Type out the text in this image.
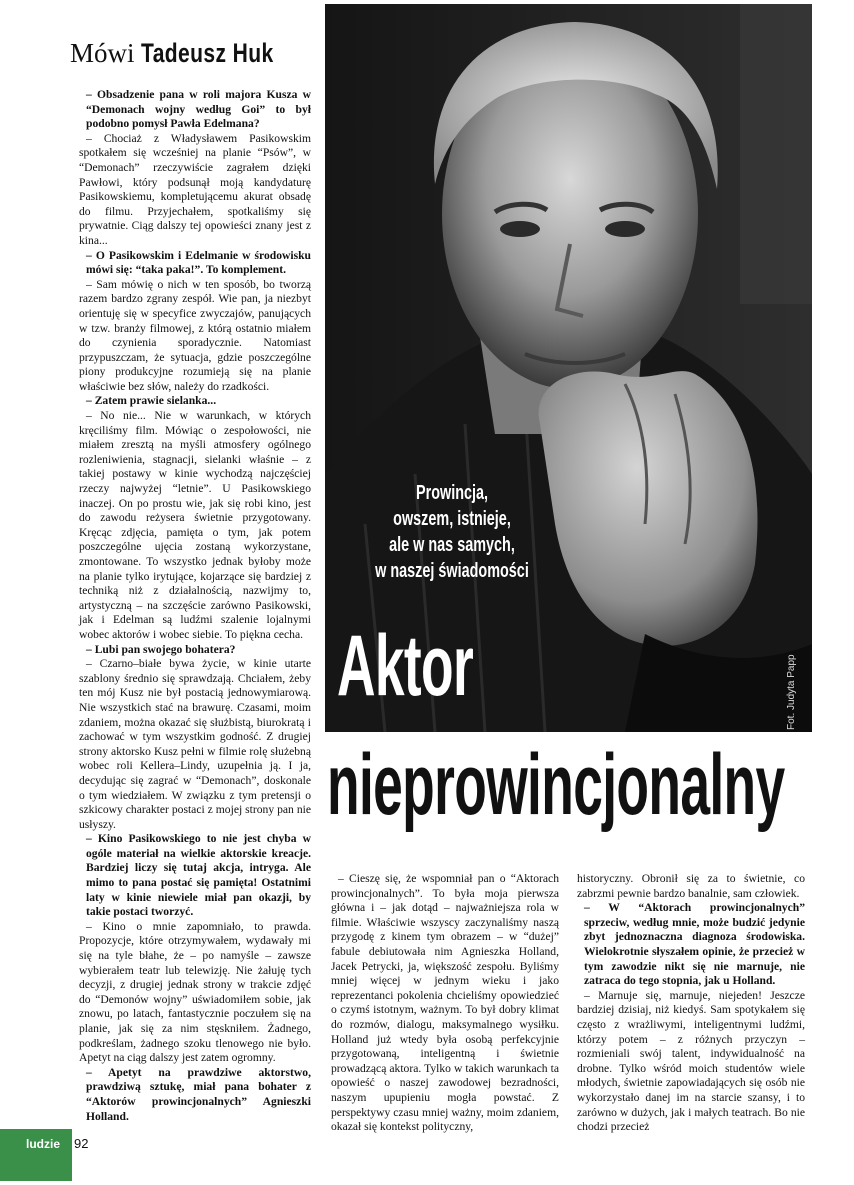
Mówi Tadeusz Huk

– Obsadzenie pana w roli majora Kusza w “Demonach wojny według Goi” to był podobno pomysł Pawła Edelmana?

– Chociaż z Władysławem Pasikowskim spotkałem się wcześniej na planie “Psów”, w “Demonach” rzeczywiście zagrałem dzięki Pawłowi, który podsunął moją kandydaturę Pasikowskiemu, kompletującemu akurat obsadę do filmu. Przyjechałem, spotkaliśmy się prywatnie. Ciąg dalszy tej opowieści znany jest z kina...

– O Pasikowskim i Edelmanie w środowisku mówi się: “taka paka!”. To komplement.

– Sam mówię o nich w ten sposób, bo tworzą razem bardzo zgrany zespół. Wie pan, ja niezbyt orientuję się w specyfice zwyczajów, panujących w tzw. branży filmowej, z którą ostatnio miałem do czynienia sporadycznie. Natomiast przypuszczam, że sytuacja, gdzie poszczególne piony produkcyjne rozumieją się na planie właściwie bez słów, należy do rzadkości.

– Zatem prawie sielanka...

– No nie... Nie w warunkach, w których kręciliśmy film. Mówiąc o zespołowości, nie miałem zresztą na myśli atmosfery ogólnego rozleniwienia, stagnacji, sielanki właśnie – z takiej postawy w kinie wychodzą najczęściej rzeczy najwyżej “letnie”. U Pasikowskiego inaczej. On po prostu wie, jak się robi kino, jest do zawodu reżysera świetnie przygotowany. Kręcąc zdjęcia, pamięta o tym, jak potem poszczególne ujęcia zostaną wykorzystane, zmontowane. To wszystko jednak byłoby może na planie tylko irytujące, kojarzące się bardziej z techniką niż z działalnością, nazwijmy to, artystyczną – na szczęście zarówno Pasikowski, jak i Edelman są ludźmi szalenie lojalnymi wobec aktorów i wobec siebie. To piękna cecha.

– Lubi pan swojego bohatera?

– Czarno–białe bywa życie, w kinie utarte szablony średnio się sprawdzają. Chciałem, żeby ten mój Kusz nie był postacią jednowymiarową. Nie wszystkich stać na brawurę. Czasami, moim zdaniem, można okazać się służbistą, biurokratą i zachować w tym wszystkim godność. Z drugiej strony aktorsko Kusz pełni w filmie rolę służebną wobec roli Kellera–Lindy, uzupełnia ją. I ja, decydując się zagrać w “Demonach”, doskonale o tym wiedziałem. W związku z tym pretensji o szkicowy charakter postaci z mojej strony pan nie usłyszy.

– Kino Pasikowskiego to nie jest chyba w ogóle materiał na wielkie aktorskie kreacje. Bardziej liczy się tutaj akcja, intryga. Ale mimo to pana postać się pamięta! Ostatnimi laty w kinie niewiele miał pan okazji, by takie postaci tworzyć.

– Kino o mnie zapomniało, to prawda. Propozycje, które otrzymywałem, wydawały mi się na tyle błahe, że – po namyśle – zawsze wybierałem teatr lub telewizję. Nie żałuję tych decyzji, z drugiej jednak strony w trakcie zdjęć do “Demonów wojny” uświadomiłem sobie, jak znowu, po latach, fantastycznie poczułem się na planie, jak się za nim stęskniłem. Żadnego, podkreślam, żadnego szoku tlenowego nie było. Apetyt na ciąg dalszy jest zatem ogromny.

– Apetyt na prawdziwe aktorstwo, prawdziwą sztukę, miał pana bohater z “Aktorów prowincjonalnych” Agnieszki Holland.

Fot. Judyta Papp
Prowincja,
owszem, istnieje,
ale w nas samych,
w naszej świadomości
Aktor
nieprowincjonalny

– Cieszę się, że wspomniał pan o “Aktorach prowincjonalnych”. To była moja pierwsza główna i – jak dotąd – najważniejsza rola w filmie. Właściwie wszyscy zaczynaliśmy naszą przygodę z kinem tym obrazem – w “dużej” fabule debiutowała nim Agnieszka Holland, Jacek Petrycki, ja, większość zespołu. Byliśmy mniej więcej w jednym wieku i jako reprezentanci pokolenia chcieliśmy opowiedzieć o czymś istotnym, ważnym. To był dobry klimat do rozmów, dialogu, maksymalnego wysiłku. Holland już wtedy była osobą perfekcyjnie przygotowaną, inteligentną i świetnie prowadzącą aktora. Tylko w takich warunkach ta opowieść o naszej zawodowej bezradności, naszym upupieniu mogła powstać. Z perspektywy czasu mniej ważny, moim zdaniem, okazał się kontekst polityczny,

historyczny. Obronił się za to świetnie, co zabrzmi pewnie bardzo banalnie, sam człowiek.

– W “Aktorach prowincjonalnych” sprzeciw, według mnie, może budzić jedynie zbyt jednoznaczna diagnoza środowiska. Wielokrotnie słyszałem opinie, że przecież w tym zawodzie nikt się nie marnuje, nie zatraca do tego stopnia, jak u Holland.

– Marnuje się, marnuje, niejeden! Jeszcze bardziej dzisiaj, niż kiedyś. Sam spotykałem się często z wrażliwymi, inteligentnymi ludźmi, którzy potem – z różnych przyczyn – rozmieniali swój talent, indywidualność na drobne. Tylko wśród moich studentów wiele młodych, świetnie zapowiadających się osób nie wykorzystało danej im na starcie szansy, i to zarówno w dużych, jak i małych teatrach. Bo nie chodzi przecież

ludzie 92
